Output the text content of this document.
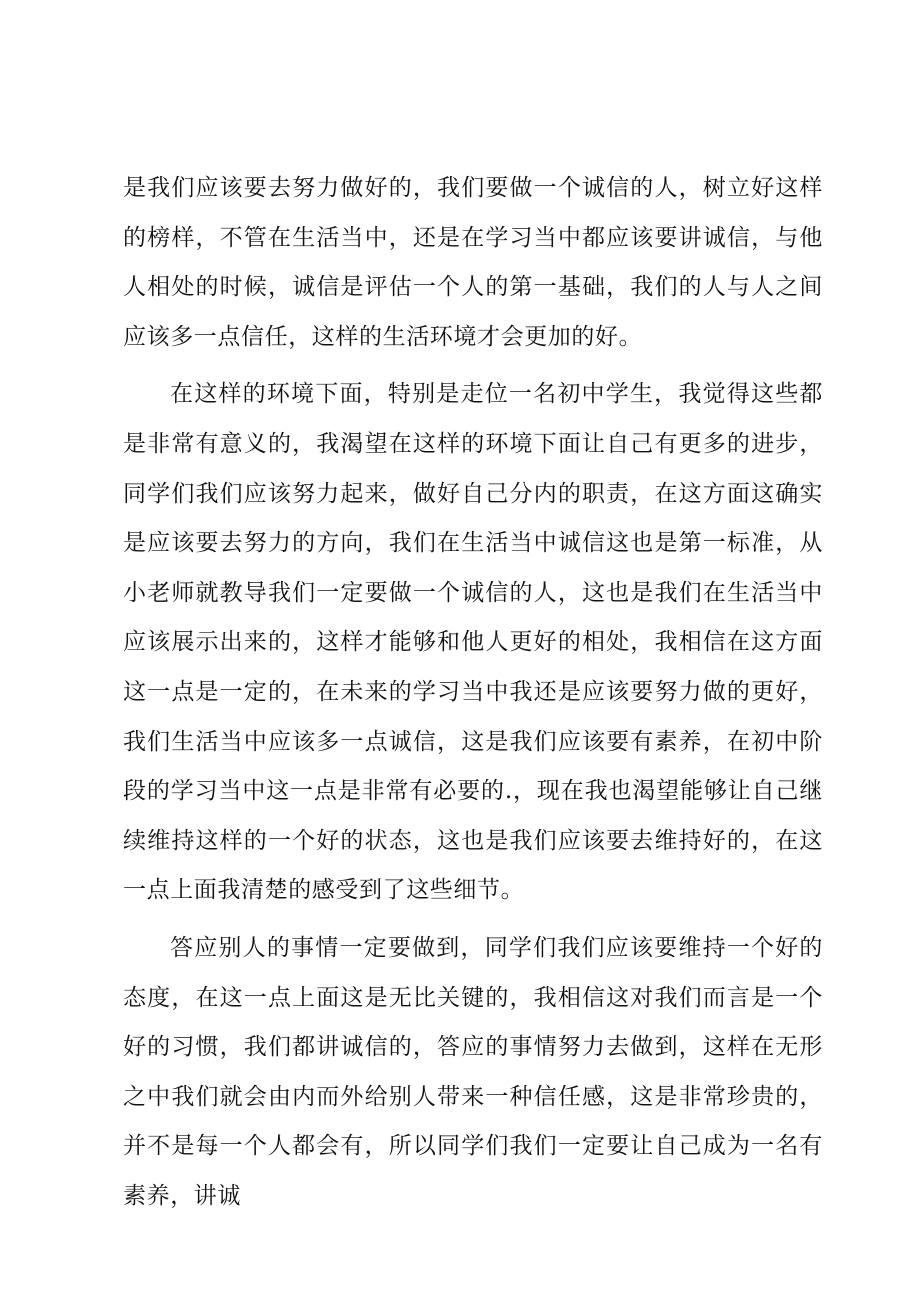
是我们应该要去努力做好的，我们要做一个诚信的人，树立好这样的榜样，不管在生活当中，还是在学习当中都应该要讲诚信，与他人相处的时候，诚信是评估一个人的第一基础，我们的人与人之间应该多一点信任，这样的生活环境才会更加的好。

在这样的环境下面，特别是走位一名初中学生，我觉得这些都是非常有意义的，我渴望在这样的环境下面让自己有更多的进步，同学们我们应该努力起来，做好自己分内的职责，在这方面这确实是应该要去努力的方向，我们在生活当中诚信这也是第一标准，从小老师就教导我们一定要做一个诚信的人，这也是我们在生活当中应该展示出来的，这样才能够和他人更好的相处，我相信在这方面这一点是一定的，在未来的学习当中我还是应该要努力做的更好，我们生活当中应该多一点诚信，这是我们应该要有素养，在初中阶段的学习当中这一点是非常有必要的.，现在我也渴望能够让自己继续维持这样的一个好的状态，这也是我们应该要去维持好的，在这一点上面我清楚的感受到了这些细节。

答应别人的事情一定要做到，同学们我们应该要维持一个好的态度，在这一点上面这是无比关键的，我相信这对我们而言是一个好的习惯，我们都讲诚信的，答应的事情努力去做到，这样在无形之中我们就会由内而外给别人带来一种信任感，这是非常珍贵的，并不是每一个人都会有，所以同学们我们一定要让自己成为一名有素养，讲诚
